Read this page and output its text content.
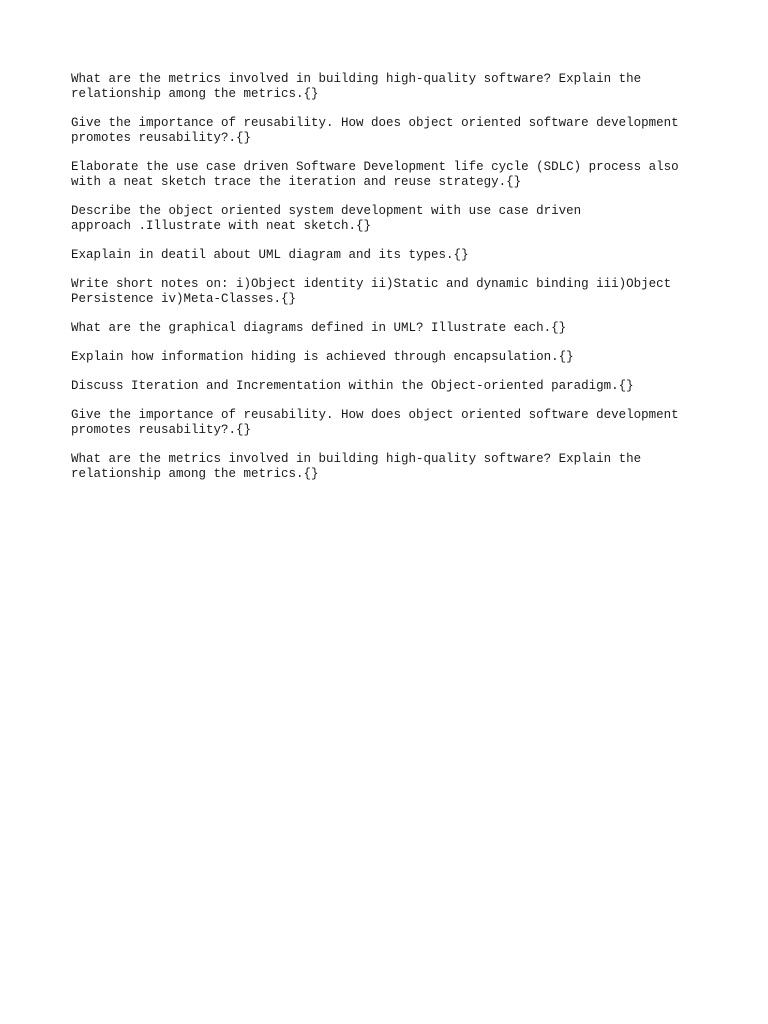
What are the metrics involved in building high-quality software? Explain the
relationship among the metrics.{}

Give the importance of reusability. How does object oriented software development
promotes reusability?.{}

Elaborate the use case driven Software Development life cycle (SDLC) process also
with a neat sketch trace the iteration and reuse strategy.{}

Describe the object oriented system development with use case driven
approach .Illustrate with neat sketch.{}

Exaplain in deatil about UML diagram and its types.{}

Write short notes on: i)Object identity ii)Static and dynamic binding iii)Object
Persistence iv)Meta-Classes.{}

What are the graphical diagrams defined in UML? Illustrate each.{}

Explain how information hiding is achieved through encapsulation.{}

Discuss Iteration and Incrementation within the Object-oriented paradigm.{}

Give the importance of reusability. How does object oriented software development
promotes reusability?.{}

What are the metrics involved in building high-quality software? Explain the
relationship among the metrics.{}
